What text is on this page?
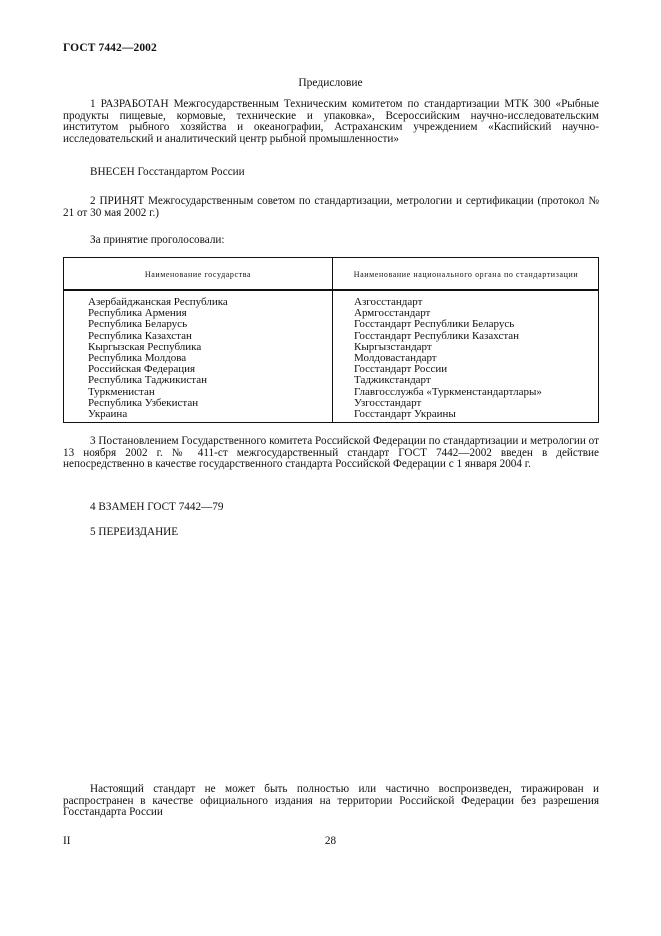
ГОСТ 7442—2002
Предисловие
1 РАЗРАБОТАН Межгосударственным Техническим комитетом по стандартизации МТК 300 «Рыбные продукты пищевые, кормовые, технические и упаковка», Всероссийским научно-исследовательским институтом рыбного хозяйства и океанографии, Астраханским учреждением «Каспийский научно-исследовательский и аналитический центр рыбной промышленности»
ВНЕСЕН Госстандартом России
2 ПРИНЯТ Межгосударственным советом по стандартизации, метрологии и сертификации (протокол № 21 от 30 мая 2002 г.)
За принятие проголосовали:
Наименование государства	Наименование национального органа по стандартизации
Азербайджанская Республика
Республика Армения
Республика Беларусь
Республика Казахстан
Кыргызская Республика
Республика Молдова
Российская Федерация
Республика Таджикистан
Туркменистан
Республика Узбекистан
Украина
Азгосстандарт
Армгосстандарт
Госстандарт Республики Беларусь
Госстандарт Республики Казахстан
Кыргызстандарт
Молдовастандарт
Госстандарт России
Таджикстандарт
Главгосслужба «Туркменстандартлары»
Узгосстандарт
Госстандарт Украины
3 Постановлением Государственного комитета Российской Федерации по стандартизации и метрологии от 13 ноября 2002 г. № 411-ст межгосударственный стандарт ГОСТ 7442—2002 введен в действие непосредственно в качестве государственного стандарта Российской Федерации с 1 января 2004 г.
4 ВЗАМЕН ГОСТ 7442—79
5 ПЕРЕИЗДАНИЕ
Настоящий стандарт не может быть полностью или частично воспроизведен, тиражирован и распространен в качестве официального издания на территории Российской Федерации без разрешения Госстандарта России
II	28
